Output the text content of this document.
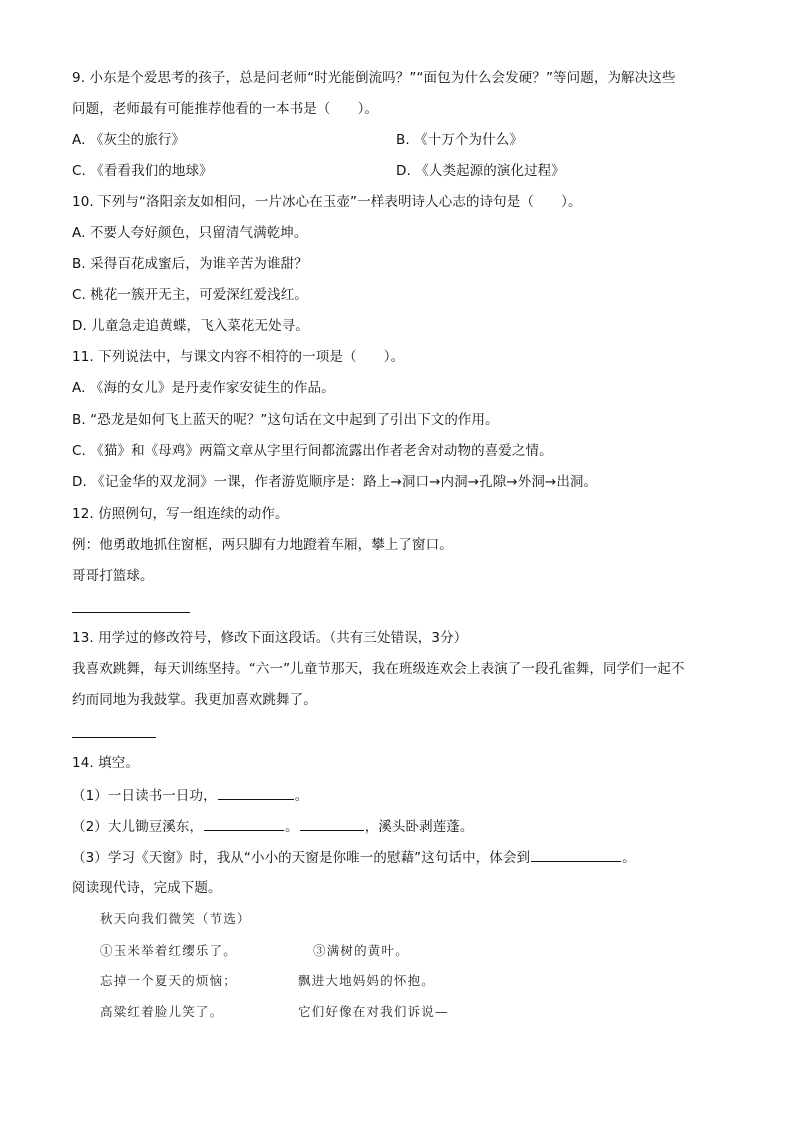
9. 小东是个爱思考的孩子，总是问老师“时光能倒流吗？”“面包为什么会发硬？”等问题，为解决这些
问题，老师最有可能推荐他看的一本书是（　　）。
A. 《灰尘的旅行》	B. 《十万个为什么》
C. 《看看我们的地球》	D. 《人类起源的演化过程》
10. 下列与“洛阳亲友如相问，一片冰心在玉壶”一样表明诗人心志的诗句是（　　）。
A. 不要人夸好颜色，只留清气满乾坤。
B. 采得百花成蜜后，为谁辛苦为谁甜？
C. 桃花一簇开无主，可爱深红爱浅红。
D. 儿童急走追黄蝶，飞入菜花无处寻。
11. 下列说法中，与课文内容不相符的一项是（　　）。
A. 《海的女儿》是丹麦作家安徒生的作品。
B. “恐龙是如何飞上蓝天的呢？”这句话在文中起到了引出下文的作用。
C. 《猫》和《母鸡》两篇文章从字里行间都流露出作者老舍对动物的喜爱之情。
D. 《记金华的双龙洞》一课，作者游览顺序是：路上→洞口→内洞→孔隙→外洞→出洞。
12. 仿照例句，写一组连续的动作。
例：他勇敢地抓住窗框，两只脚有力地蹬着车厢，攀上了窗口。
哥哥打篮球。
13. 用学过的修改符号，修改下面这段话。（共有三处错误，3分）
我喜欢跳舞，每天训练坚持。“六一”儿童节那天，我在班级连欢会上表演了一段孔雀舞，同学们一起不
约而同地为我鼓掌。我更加喜欢跳舞了。
14. 填空。
（1）一日读书一日功，	。
（2）大儿锄豆溪东，	。	，溪头卧剥莲蓬。
（3）学习《天窗》时，我从“小小的天窗是你唯一的慰藉”这句话中，体会到	。
阅读现代诗，完成下题。
秋天向我们微笑（节选）
①玉米举着红缨乐了。
忘掉一个夏天的烦恼；
高粱红着脸儿笑了。
③满树的黄叶。
飘进大地妈妈的怀抱。
它们好像在对我们诉说—
